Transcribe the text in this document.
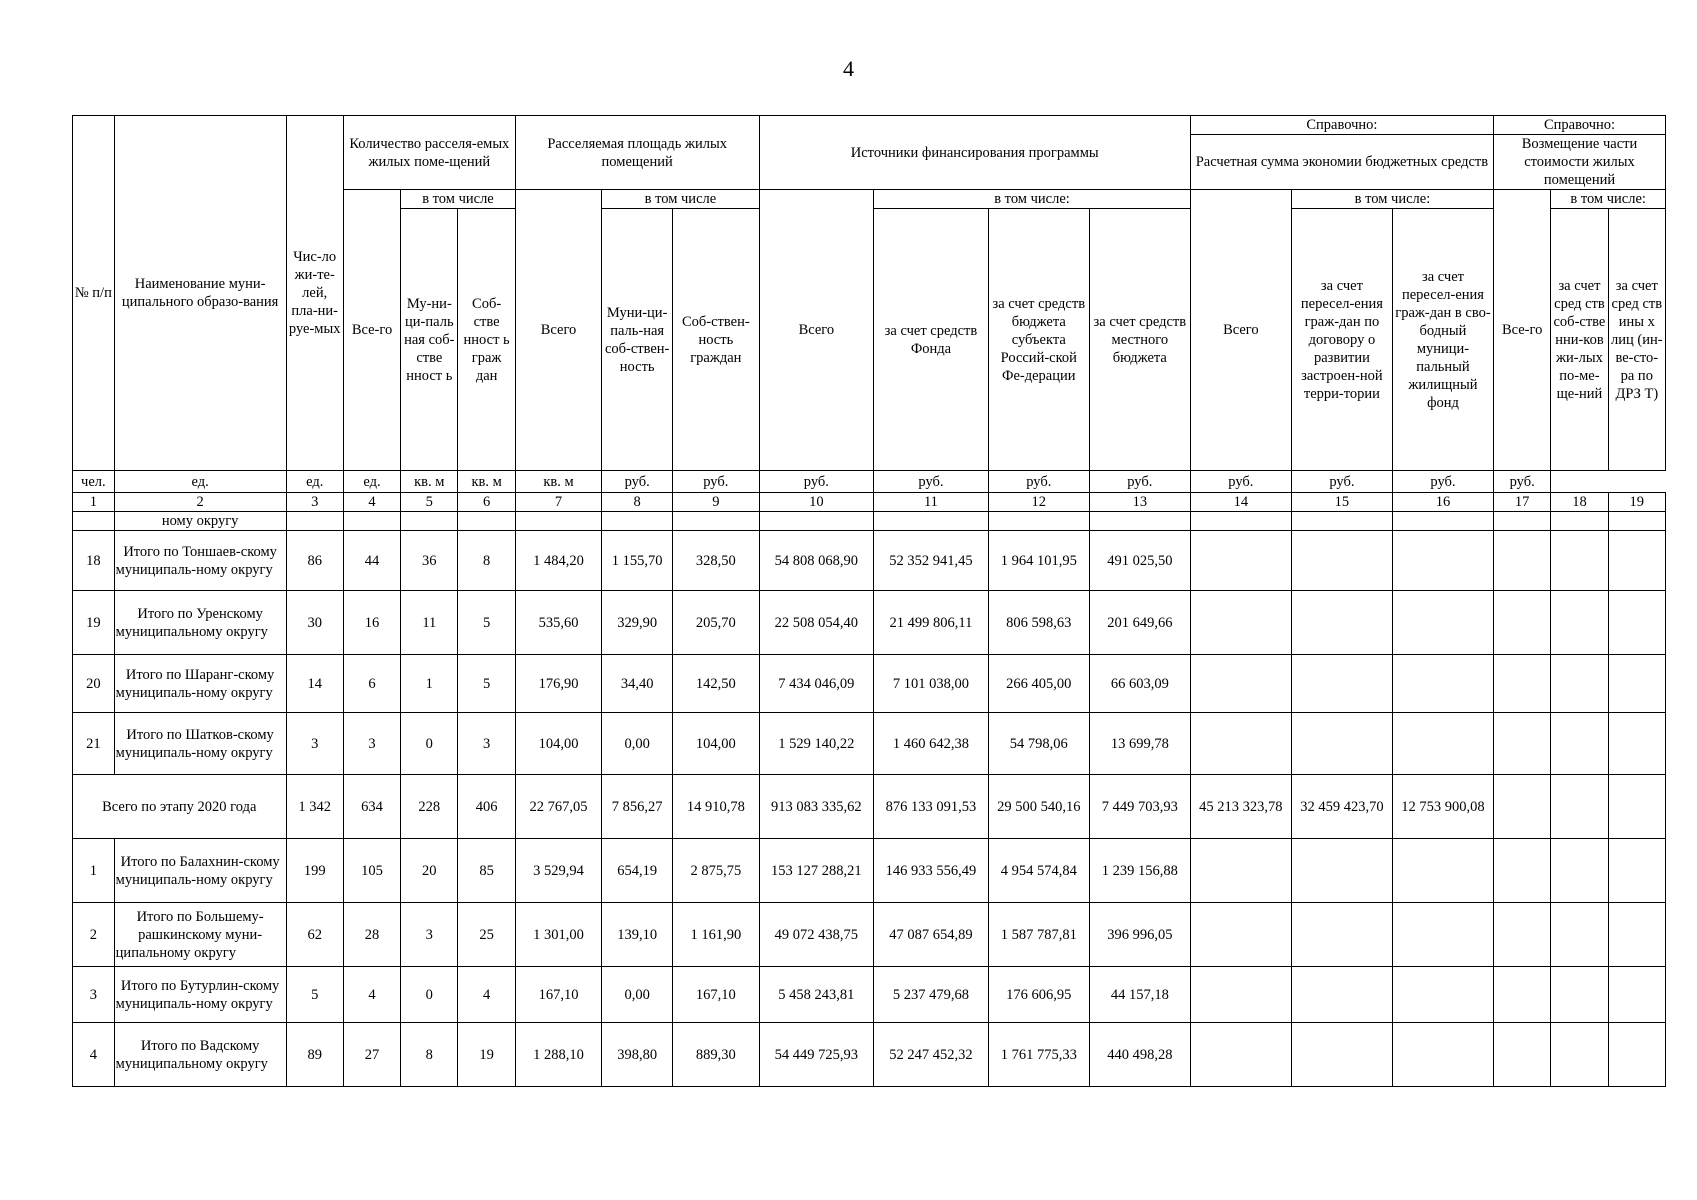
4
№ п/п	Наименование муни-ципального образо-вания	Чис-ло жи-те-лей, пла-ни-руе-мых	Количество расселя-емых жилых поме-щений			Расселяемая площадь жилых помещений			Источники финансирования программы				Справочно:			Справочно:		
													Расчетная сумма экономии бюджетных средств			Возмещение части стоимости жилых помещений		
			Все-го	в том числе		Всего	в том числе		Всего	в том числе:			Всего	в том числе:		Все-го	в том числе:	
				Му-ни-ци-паль ная соб-стве нност ь	Соб-стве нност ь граж дан		Муни-ци-паль-ная соб-ствен-ность	Соб-ствен-ность граждан		за счет средств Фонда	за счет средств бюджета субъекта Россий-ской Фе-дерации	за счет средств местного бюджета		за счет пересел-ения граж-дан по договору о развитии застроен-ной терри-тории	за счет пересел-ения граж-дан в сво-бодный муници-пальный жилищный фонд		за счет сред ств соб-стве нни-ков жи-лых по-ме-ще-ний	за счет сред ств ины х лиц (ин-ве-сто-ра по ДРЗ Т)
чел.	ед.	ед.	ед.	кв. м	кв. м	кв. м	руб.	руб.	руб.	руб.	руб.	руб.	руб.	руб.	руб.	руб.		
1	2	3	4	5	6	7	8	9	10	11	12	13	14	15	16	17	18	19
	ному округу																	
18	Итого по Тоншаев-скому муниципаль-ному округу	86	44	36	8	1 484,20	1 155,70	328,50	54 808 068,90	52 352 941,45	1 964 101,95	491 025,50						
19	Итого по Уренскому муниципальному округу	30	16	11	5	535,60	329,90	205,70	22 508 054,40	21 499 806,11	806 598,63	201 649,66						
20	Итого по Шаранг-скому муниципаль-ному округу	14	6	1	5	176,90	34,40	142,50	7 434 046,09	7 101 038,00	266 405,00	66 603,09						
21	Итого по Шатков-скому муниципаль-ному округу	3	3	0	3	104,00	0,00	104,00	1 529 140,22	1 460 642,38	54 798,06	13 699,78						
Всего по этапу 2020 года		1 342	634	228	406	22 767,05	7 856,27	14 910,78	913 083 335,62	876 133 091,53	29 500 540,16	7 449 703,93	45 213 323,78	32 459 423,70	12 753 900,08			
1	Итого по Балахнин-скому муниципаль-ному округу	199	105	20	85	3 529,94	654,19	2 875,75	153 127 288,21	146 933 556,49	4 954 574,84	1 239 156,88						
2	Итого по Большему-рашкинскому муни-ципальному округу	62	28	3	25	1 301,00	139,10	1 161,90	49 072 438,75	47 087 654,89	1 587 787,81	396 996,05						
3	Итого по Бутурлин-скому муниципаль-ному округу	5	4	0	4	167,10	0,00	167,10	5 458 243,81	5 237 479,68	176 606,95	44 157,18						
4	Итого по Вадскому муниципальному округу	89	27	8	19	1 288,10	398,80	889,30	54 449 725,93	52 247 452,32	1 761 775,33	440 498,28						
